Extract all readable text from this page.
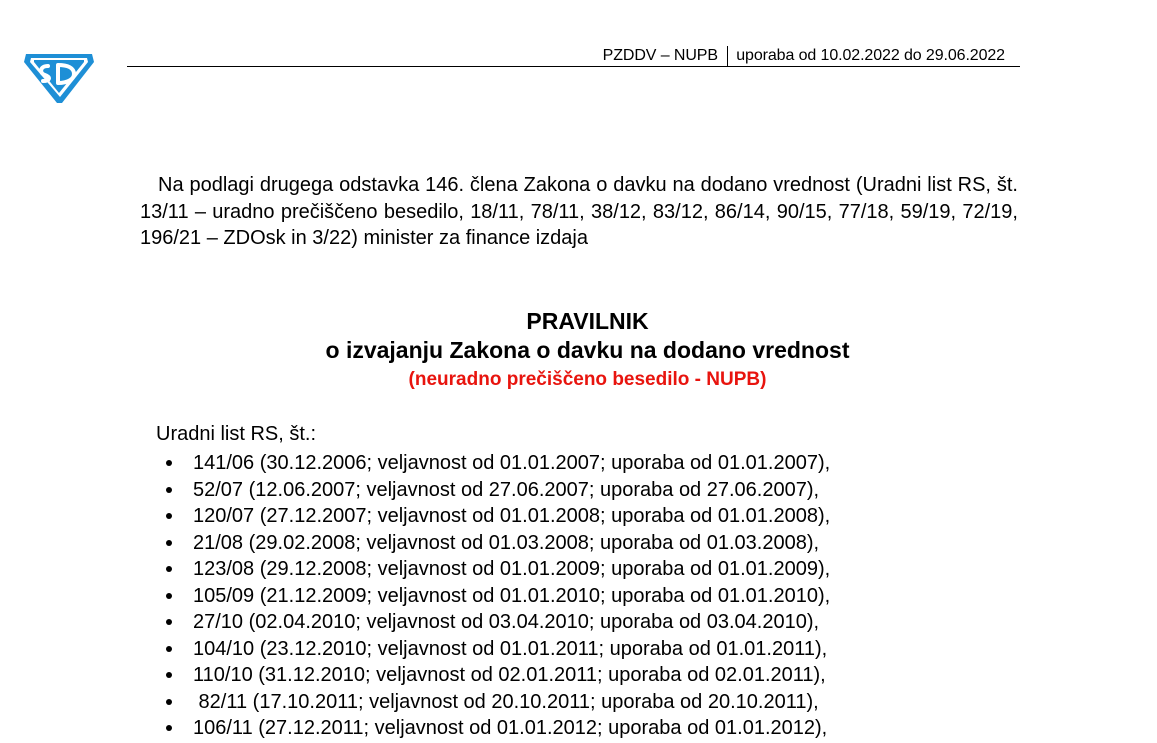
PZDDV – NUPB uporaba od 10.02.2022 do 29.06.2022

Na podlagi drugega odstavka 146. člena Zakona o davku na dodano vrednost (Uradni list RS, št. 13/11 – uradno prečiščeno besedilo, 18/11, 78/11, 38/12, 83/12, 86/14, 90/15, 77/18, 59/19, 72/19, 196/21 – ZDOsk in 3/22) minister za finance izdaja

PRAVILNIK
o izvajanju Zakona o davku na dodano vrednost
(neuradno prečiščeno besedilo - NUPB)
Uradni list RS, št.:
141/06 (30.12.2006; veljavnost od 01.01.2007; uporaba od 01.01.2007),
52/07 (12.06.2007; veljavnost od 27.06.2007; uporaba od 27.06.2007),
120/07 (27.12.2007; veljavnost od 01.01.2008; uporaba od 01.01.2008),
21/08 (29.02.2008; veljavnost od 01.03.2008; uporaba od 01.03.2008),
123/08 (29.12.2008; veljavnost od 01.01.2009; uporaba od 01.01.2009),
105/09 (21.12.2009; veljavnost od 01.01.2010; uporaba od 01.01.2010),
27/10 (02.04.2010; veljavnost od 03.04.2010; uporaba od 03.04.2010),
104/10 (23.12.2010; veljavnost od 01.01.2011; uporaba od 01.01.2011),
110/10 (31.12.2010; veljavnost od 02.01.2011; uporaba od 02.01.2011),
82/11 (17.10.2011; veljavnost od 20.10.2011; uporaba od 20.10.2011),
106/11 (27.12.2011; veljavnost od 01.01.2012; uporaba od 01.01.2012),
